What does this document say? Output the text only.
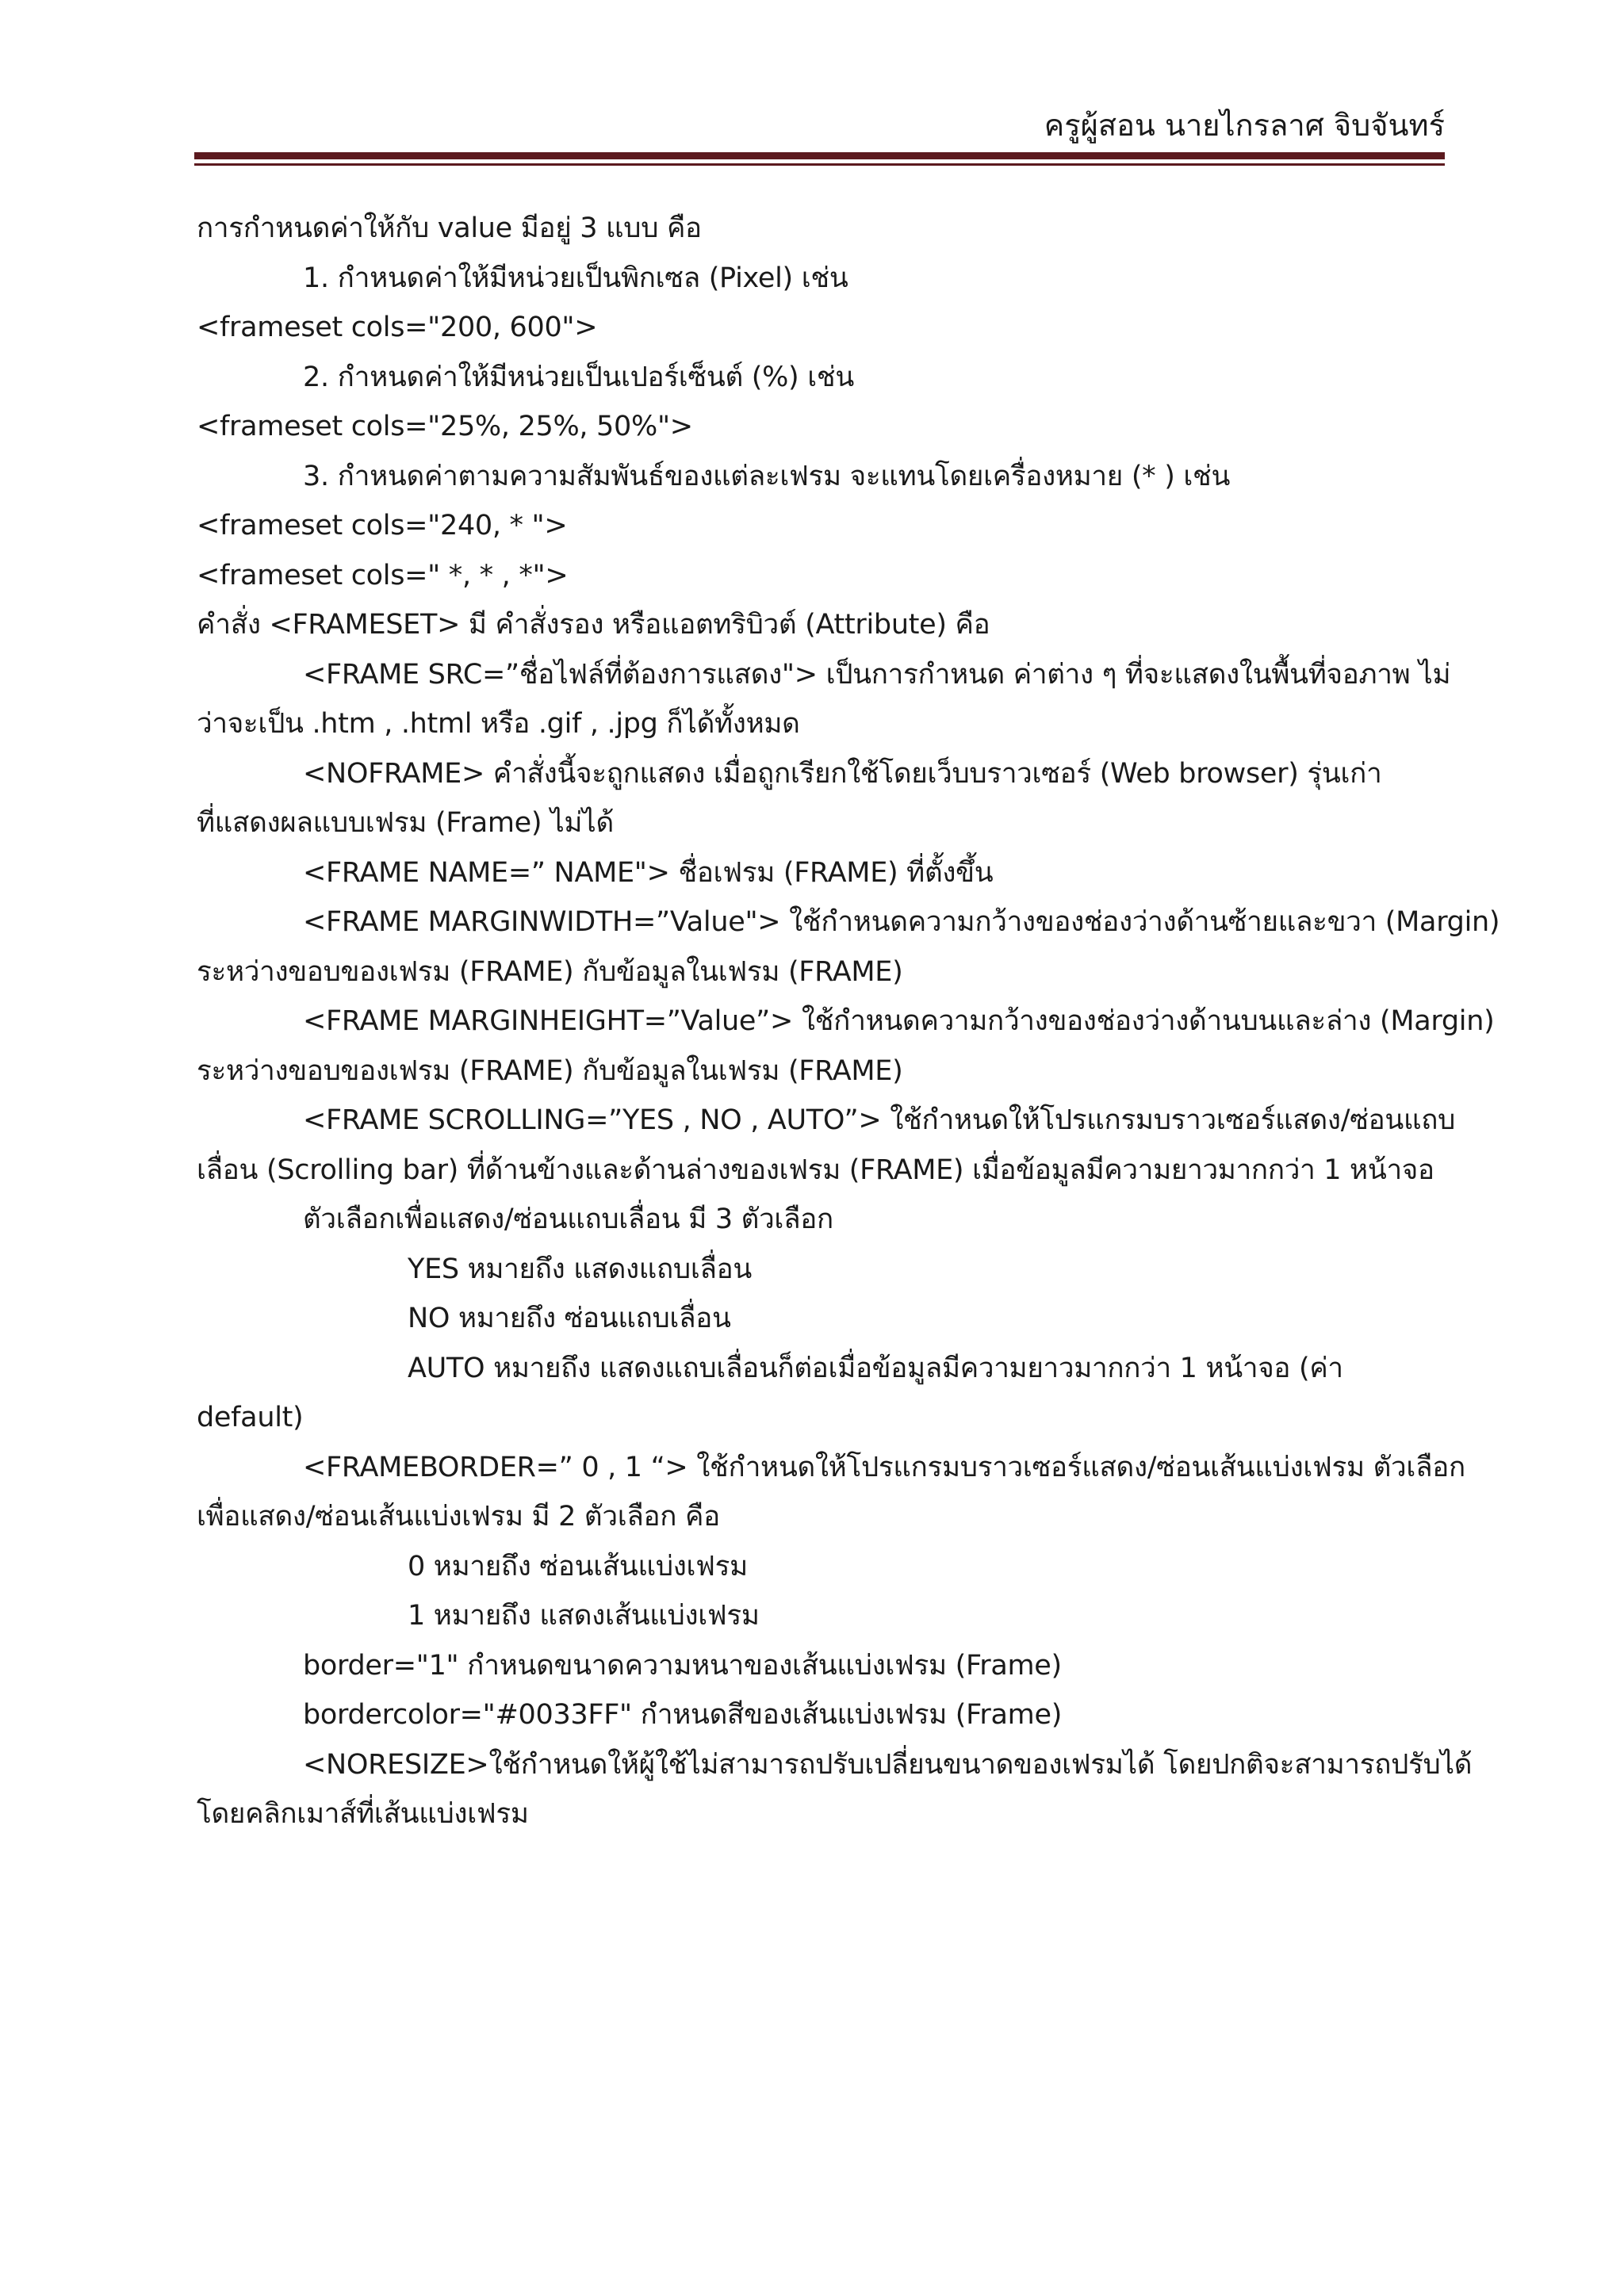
ครูผู้สอน นายไกรลาศ จิบจันทร์
การกำหนดค่าให้กับ value มีอยู่ 3 แบบ คือ
1. กำหนดค่าให้มีหน่วยเป็นพิกเซล (Pixel) เช่น
<frameset cols="200, 600">
2. กำหนดค่าให้มีหน่วยเป็นเปอร์เซ็นต์ (%) เช่น
<frameset cols="25%, 25%, 50%">
3. กำหนดค่าตามความสัมพันธ์ของแต่ละเฟรม จะแทนโดยเครื่องหมาย (* ) เช่น
<frameset cols="240, * ">
<frameset cols=" *, * , *">
คำสั่ง <FRAMESET> มี คำสั่งรอง หรือแอตทริบิวต์ (Attribute) คือ
<FRAME SRC=”ชื่อไฟล์ที่ต้องการแสดง"> เป็นการกำหนด ค่าต่าง ๆ ที่จะแสดงในพื้นที่จอภาพ ไม่
ว่าจะเป็น .htm , .html หรือ .gif , .jpg ก็ได้ทั้งหมด
<NOFRAME> คำสั่งนี้จะถูกแสดง เมื่อถูกเรียกใช้โดยเว็บบราวเซอร์ (Web browser) รุ่นเก่า
ที่แสดงผลแบบเฟรม (Frame) ไม่ได้
<FRAME NAME=” NAME"> ชื่อเฟรม (FRAME) ที่ตั้งขึ้น
<FRAME MARGINWIDTH=”Value"> ใช้กำหนดความกว้างของช่องว่างด้านซ้ายและขวา (Margin)
ระหว่างขอบของเฟรม (FRAME) กับข้อมูลในเฟรม (FRAME)
<FRAME MARGINHEIGHT=”Value”> ใช้กำหนดความกว้างของช่องว่างด้านบนและล่าง (Margin)
ระหว่างขอบของเฟรม (FRAME) กับข้อมูลในเฟรม (FRAME)
<FRAME SCROLLING=”YES , NO , AUTO”> ใช้กำหนดให้โปรแกรมบราวเซอร์แสดง/ซ่อนแถบ
เลื่อน (Scrolling bar) ที่ด้านข้างและด้านล่างของเฟรม (FRAME) เมื่อข้อมูลมีความยาวมากกว่า 1 หน้าจอ
ตัวเลือกเพื่อแสดง/ซ่อนแถบเลื่อน มี 3 ตัวเลือก
YES หมายถึง แสดงแถบเลื่อน
NO หมายถึง ซ่อนแถบเลื่อน
AUTO หมายถึง แสดงแถบเลื่อนก็ต่อเมื่อข้อมูลมีความยาวมากกว่า 1 หน้าจอ (ค่า
default)
<FRAMEBORDER=” 0 , 1 “> ใช้กำหนดให้โปรแกรมบราวเซอร์แสดง/ซ่อนเส้นแบ่งเฟรม ตัวเลือก
เพื่อแสดง/ซ่อนเส้นแบ่งเฟรม มี 2 ตัวเลือก คือ
0 หมายถึง ซ่อนเส้นแบ่งเฟรม
1 หมายถึง แสดงเส้นแบ่งเฟรม
border="1" กำหนดขนาดความหนาของเส้นแบ่งเฟรม (Frame)
bordercolor="#0033FF" กำหนดสีของเส้นแบ่งเฟรม (Frame)
<NORESIZE>ใช้กำหนดให้ผู้ใช้ไม่สามารถปรับเปลี่ยนขนาดของเฟรมได้ โดยปกติจะสามารถปรับได้
โดยคลิกเมาส์ที่เส้นแบ่งเฟรม
